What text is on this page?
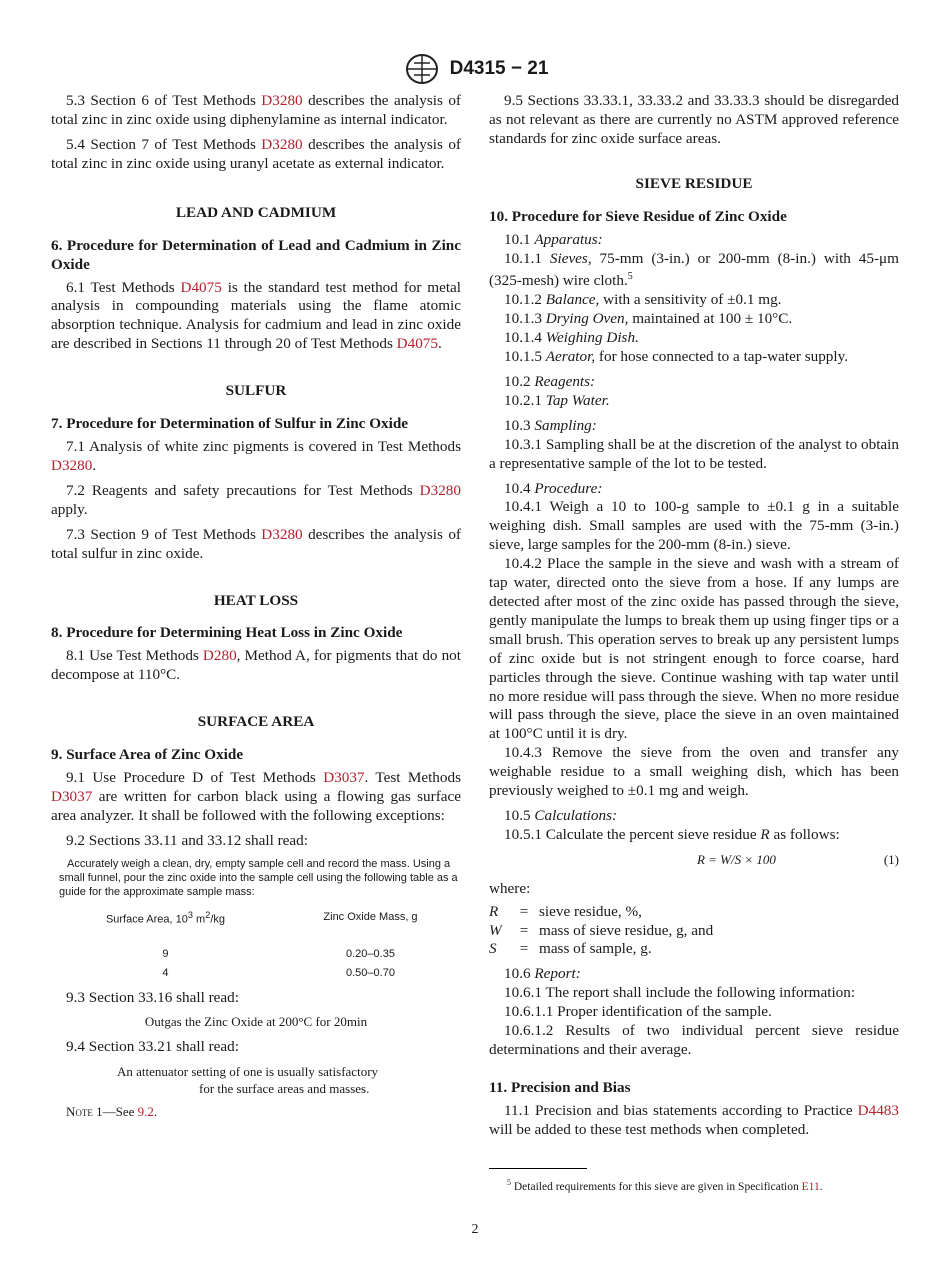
D4315 − 21

5.3 Section 6 of Test Methods D3280 describes the analysis of total zinc in zinc oxide using diphenylamine as internal indicator.

5.4 Section 7 of Test Methods D3280 describes the analysis of total zinc in zinc oxide using uranyl acetate as external indicator.

LEAD AND CADMIUM
6. Procedure for Determination of Lead and Cadmium in Zinc Oxide

6.1 Test Methods D4075 is the standard test method for metal analysis in compounding materials using the flame atomic absorption technique. Analysis for cadmium and lead in zinc oxide are described in Sections 11 through 20 of Test Methods D4075.

SULFUR
7. Procedure for Determination of Sulfur in Zinc Oxide

7.1 Analysis of white zinc pigments is covered in Test Methods D3280.

7.2 Reagents and safety precautions for Test Methods D3280 apply.

7.3 Section 9 of Test Methods D3280 describes the analysis of total sulfur in zinc oxide.

HEAT LOSS
8. Procedure for Determining Heat Loss in Zinc Oxide

8.1 Use Test Methods D280, Method A, for pigments that do not decompose at 110°C.

SURFACE AREA
9. Surface Area of Zinc Oxide

9.1 Use Procedure D of Test Methods D3037. Test Methods D3037 are written for carbon black using a flowing gas surface area analyzer. It shall be followed with the following exceptions:

9.2 Sections 33.11 and 33.12 shall read:

Accurately weigh a clean, dry, empty sample cell and record the mass. Using a small funnel, pour the zinc oxide into the sample cell using the following table as a guide for the approximate sample mass:
Surface Area, $10^3$ $m^2/kg$	Zinc Oxide Mass, g

9	0.20–0.35
4	0.50–0.70

9.3 Section 33.16 shall read:

Outgas the Zinc Oxide at 200°C for 20min

9.4 Section 33.21 shall read:

An attenuator setting of one is usually satisfactory
for the surface areas and masses.

Note 1—See 9.2.

9.5 Sections 33.33.1, 33.33.2 and 33.33.3 should be disregarded as not relevant as there are currently no ASTM approved reference standards for zinc oxide surface areas.

SIEVE RESIDUE
10. Procedure for Sieve Residue of Zinc Oxide

10.1 Apparatus:

10.1.1 Sieves, 75-mm (3-in.) or 200-mm (8-in.) with 45-μm (325-mesh) wire cloth.$^5$

10.1.2 Balance, with a sensitivity of ±0.1 mg.

10.1.3 Drying Oven, maintained at 100 ± 10°C.

10.1.4 Weighing Dish.

10.1.5 Aerator, for hose connected to a tap-water supply.

10.2 Reagents:

10.2.1 Tap Water.

10.3 Sampling:

10.3.1 Sampling shall be at the discretion of the analyst to obtain a representative sample of the lot to be tested.

10.4 Procedure:

10.4.1 Weigh a 10 to 100-g sample to ±0.1 g in a suitable weighing dish. Small samples are used with the 75-mm (3-in.) sieve, large samples for the 200-mm (8-in.) sieve.

10.4.2 Place the sample in the sieve and wash with a stream of tap water, directed onto the sieve from a hose. If any lumps are detected after most of the zinc oxide has passed through the sieve, gently manipulate the lumps to break them up using finger tips or a small brush. This operation serves to break up any persistent lumps of zinc oxide but is not stringent enough to force coarse, hard particles through the sieve. Continue washing with tap water until no more residue will pass through the sieve. When no more residue will pass through the sieve, place the sieve in an oven maintained at 100°C until it is dry.

10.4.3 Remove the sieve from the oven and transfer any weighable residue to a small weighing dish, which has been previously weighed to ±0.1 mg and weigh.

10.5 Calculations:

10.5.1 Calculate the percent sieve residue R as follows:

R = W/S × 100	(1)

where:

R	= sieve residue, %,
W	= mass of sieve residue, g, and
S	= mass of sample, g.

10.6 Report:

10.6.1 The report shall include the following information:

10.6.1.1 Proper identification of the sample.

10.6.1.2 Results of two individual percent sieve residue determinations and their average.

11. Precision and Bias

11.1 Precision and bias statements according to Practice D4483 will be added to these test methods when completed.

$^5$ Detailed requirements for this sieve are given in Specification E11.
2
